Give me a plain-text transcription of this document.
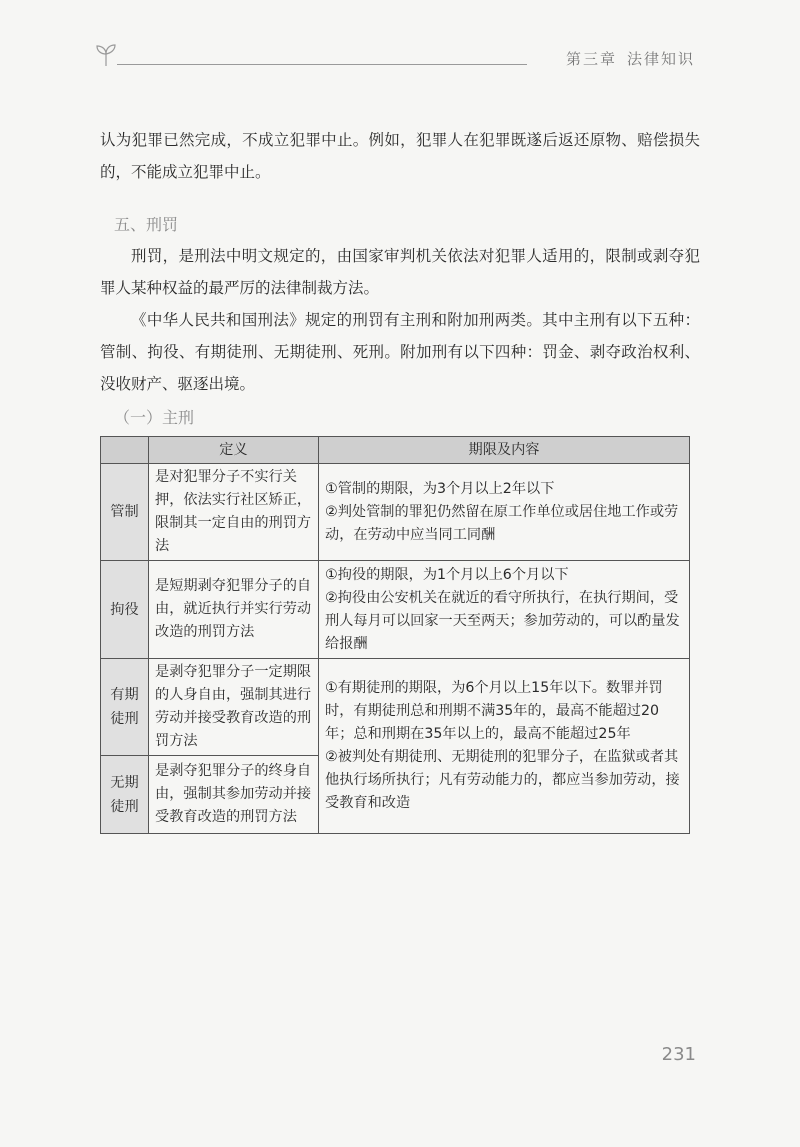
第三章 法律知识

认为犯罪已然完成，不成立犯罪中止。例如，犯罪人在犯罪既遂后返还原物、赔偿损失的，不能成立犯罪中止。

五、刑罚

刑罚，是刑法中明文规定的，由国家审判机关依法对犯罪人适用的，限制或剥夺犯罪人某种权益的最严厉的法律制裁方法。

《中华人民共和国刑法》规定的刑罚有主刑和附加刑两类。其中主刑有以下五种：管制、拘役、有期徒刑、无期徒刑、死刑。附加刑有以下四种：罚金、剥夺政治权利、没收财产、驱逐出境。

（一）主刑
	定义	期限及内容
管制	是对犯罪分子不实行关押，依法实行社区矫正，限制其一定自由的刑罚方法	①管制的期限，为3个月以上2年以下
②判处管制的罪犯仍然留在原工作单位或居住地工作或劳动，在劳动中应当同工同酬
拘役	是短期剥夺犯罪分子的自由，就近执行并实行劳动改造的刑罚方法	①拘役的期限，为1个月以上6个月以下
②拘役由公安机关在就近的看守所执行，在执行期间，受刑人每月可以回家一天至两天；参加劳动的，可以酌量发给报酬
有期
徒刑	是剥夺犯罪分子一定期限的人身自由，强制其进行劳动并接受教育改造的刑罚方法	①有期徒刑的期限，为6个月以上15年以下。数罪并罚时，有期徒刑总和刑期不满35年的，最高不能超过20年；总和刑期在35年以上的，最高不能超过25年
②被判处有期徒刑、无期徒刑的犯罪分子，在监狱或者其他执行场所执行；凡有劳动能力的，都应当参加劳动，接受教育和改造
无期
徒刑	是剥夺犯罪分子的终身自由，强制其参加劳动并接受教育改造的刑罚方法	
231
